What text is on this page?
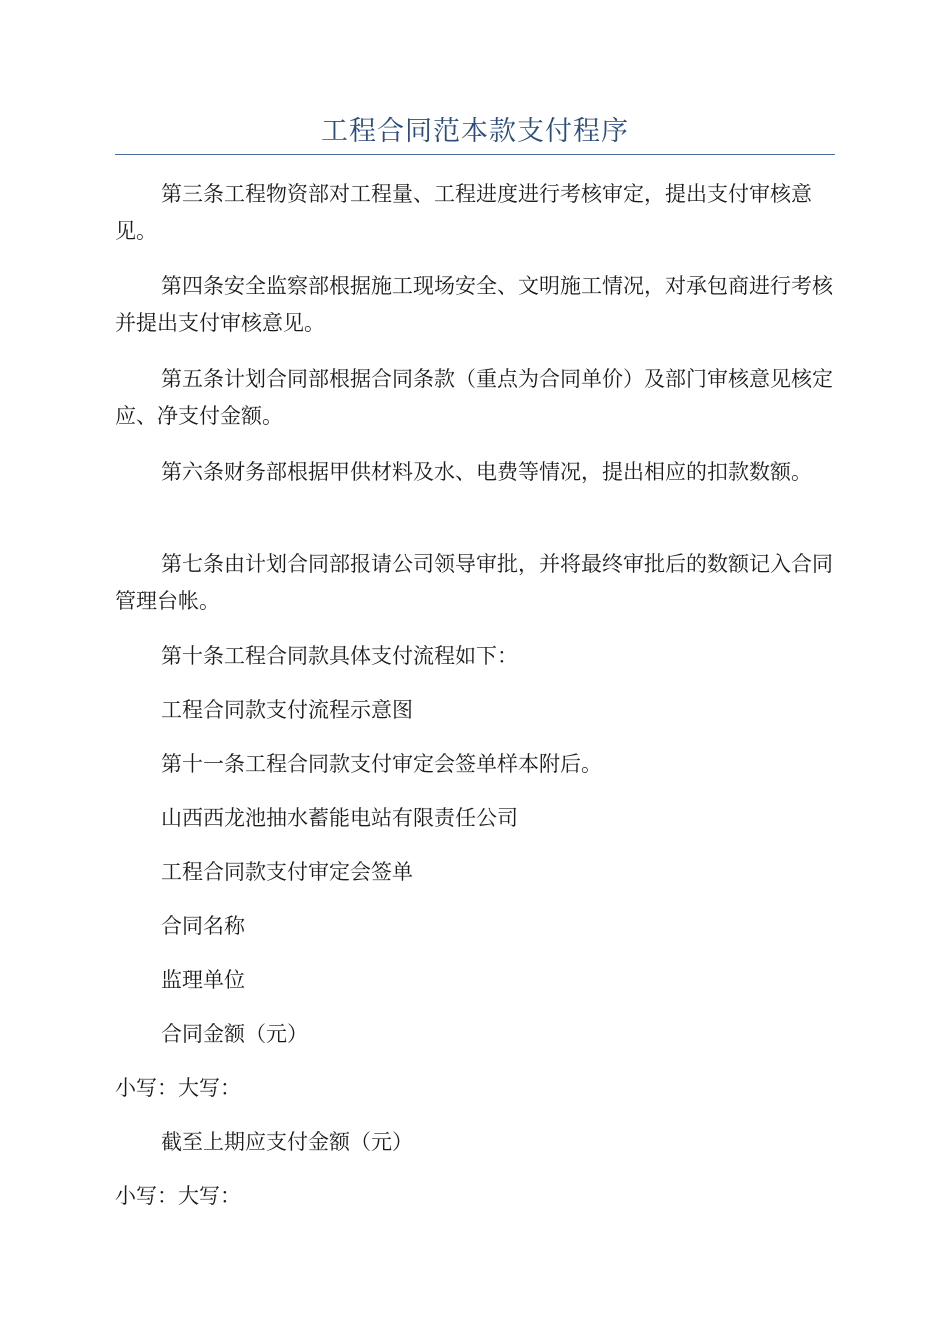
工程合同范本款支付程序

第三条工程物资部对工程量、工程进度进行考核审定，提出支付审核意见。

第四条安全监察部根据施工现场安全、文明施工情况，对承包商进行考核并提出支付审核意见。

第五条计划合同部根据合同条款（重点为合同单价）及部门审核意见核定应、净支付金额。

第六条财务部根据甲供材料及水、电费等情况，提出相应的扣款数额。

第七条由计划合同部报请公司领导审批，并将最终审批后的数额记入合同管理台帐。

第十条工程合同款具体支付流程如下：

工程合同款支付流程示意图

第十一条工程合同款支付审定会签单样本附后。

山西西龙池抽水蓄能电站有限责任公司

工程合同款支付审定会签单

合同名称

监理单位

合同金额（元）

小写：大写：

截至上期应支付金额（元）

小写：大写：
